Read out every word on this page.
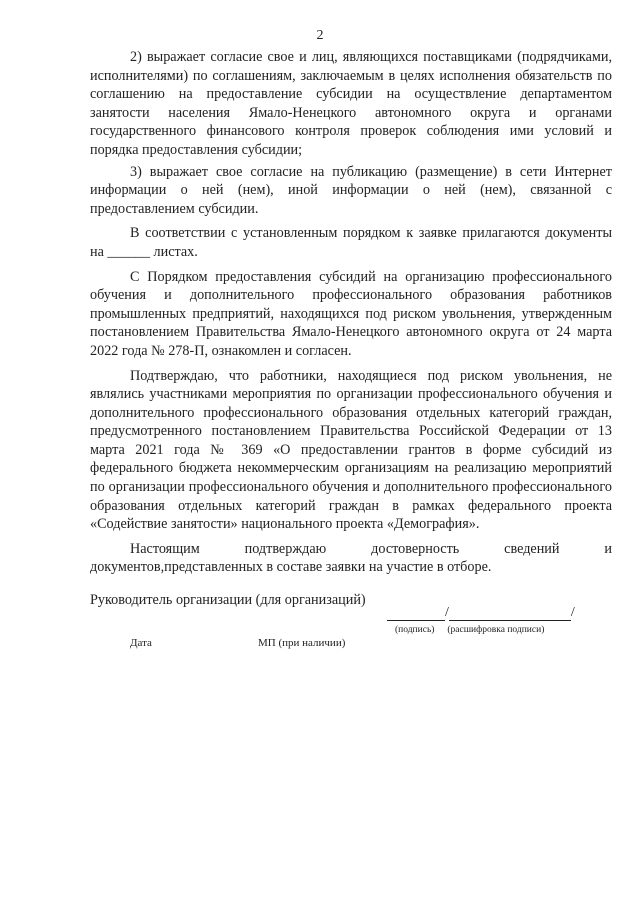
2

2) выражает согласие свое и лиц, являющихся поставщиками (подрядчиками, исполнителями) по соглашениям, заключаемым в целях исполнения обязательств по соглашению на предоставление субсидии на осуществление департаментом занятости населения Ямало-Ненецкого автономного округа и органами государственного финансового контроля проверок соблюдения ими условий и порядка предоставления субсидии;

3) выражает свое согласие на публикацию (размещение) в сети Интернет информации о ней (нем), иной информации о ней (нем), связанной с предоставлением субсидии.

В соответствии с установленным порядком к заявке прилагаются документы на ______ листах.

С Порядком предоставления субсидий на организацию профессионального обучения и дополнительного профессионального образования работников промышленных предприятий, находящихся под риском увольнения, утвержденным постановлением Правительства Ямало-Ненецкого автономного округа от 24 марта 2022 года № 278-П, ознакомлен и согласен.

Подтверждаю, что работники, находящиеся под риском увольнения, не являлись участниками мероприятия по организации профессионального обучения и дополнительного профессионального образования отдельных категорий граждан, предусмотренного постановлением Правительства Российской Федерации от 13 марта 2021 года № 369 «О предоставлении грантов в форме субсидий из федерального бюджета некоммерческим организациям на реализацию мероприятий по организации профессионального обучения и дополнительного профессионального образования отдельных категорий граждан в рамках федерального проекта «Содействие занятости» национального проекта «Демография».

Настоящим подтверждаю достоверность сведений и документов,представленных в составе заявки на участие в отборе.

Руководитель организации (для организаций)
/	/
(подпись) (расшифровка подписи)
Дата	МП (при наличии)
